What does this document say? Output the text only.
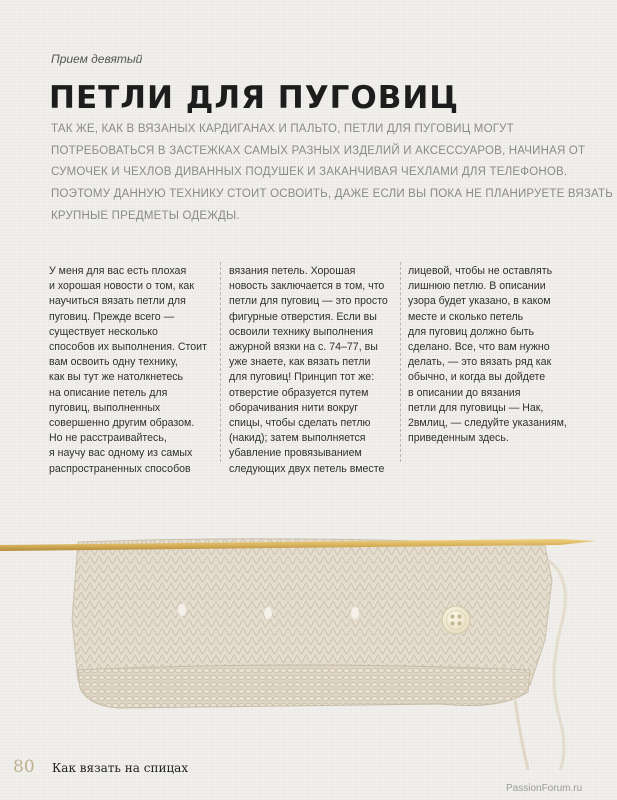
Прием девятый
ПЕТЛИ ДЛЯ ПУГОВИЦ
ТАК ЖЕ, КАК В ВЯЗАНЫХ КАРДИГАНАХ И ПАЛЬТО, ПЕТЛИ ДЛЯ ПУГОВИЦ МОГУТ
ПОТРЕБОВАТЬСЯ В ЗАСТЕЖКАХ САМЫХ РАЗНЫХ ИЗДЕЛИЙ И АКСЕССУАРОВ, НАЧИНАЯ ОТ
СУМОЧЕК И ЧЕХЛОВ ДИВАННЫХ ПОДУШЕК И ЗАКАНЧИВАЯ ЧЕХЛАМИ ДЛЯ ТЕЛЕФОНОВ.
ПОЭТОМУ ДАННУЮ ТЕХНИКУ СТОИТ ОСВОИТЬ, ДАЖЕ ЕСЛИ ВЫ ПОКА НЕ ПЛАНИРУЕТЕ ВЯЗАТЬ
КРУПНЫЕ ПРЕДМЕТЫ ОДЕЖДЫ.
У меня для вас есть плохая
и хорошая новости о том, как
научиться вязать петли для
пуговиц. Прежде всего —
существует несколько
способов их выполнения. Стоит
вам освоить одну технику,
как вы тут же натолкнетесь
на описание петель для
пуговиц, выполненных
совершенно другим образом.
Но не расстраивайтесь,
я научу вас одному из самых
распространенных способов
вязания петель. Хорошая
новость заключается в том, что
петли для пуговиц — это просто
фигурные отверстия. Если вы
освоили технику выполнения
ажурной вязки на с. 74–77, вы
уже знаете, как вязать петли
для пуговиц! Принцип тот же:
отверстие образуется путем
оборачивания нити вокруг
спицы, чтобы сделать петлю
(накид); затем выполняется
убавление провязыванием
следующих двух петель вместе
лицевой, чтобы не оставлять
лишнюю петлю. В описании
узора будет указано, в каком
месте и сколько петель
для пуговиц должно быть
сделано. Все, что вам нужно
делать, — это вязать ряд как
обычно, и когда вы дойдете
в описании до вязания
петли для пуговицы — Нак,
2вмлиц, — следуйте указаниям,
приведенным здесь.
80 Как вязать на спицах
PassionForum.ru
